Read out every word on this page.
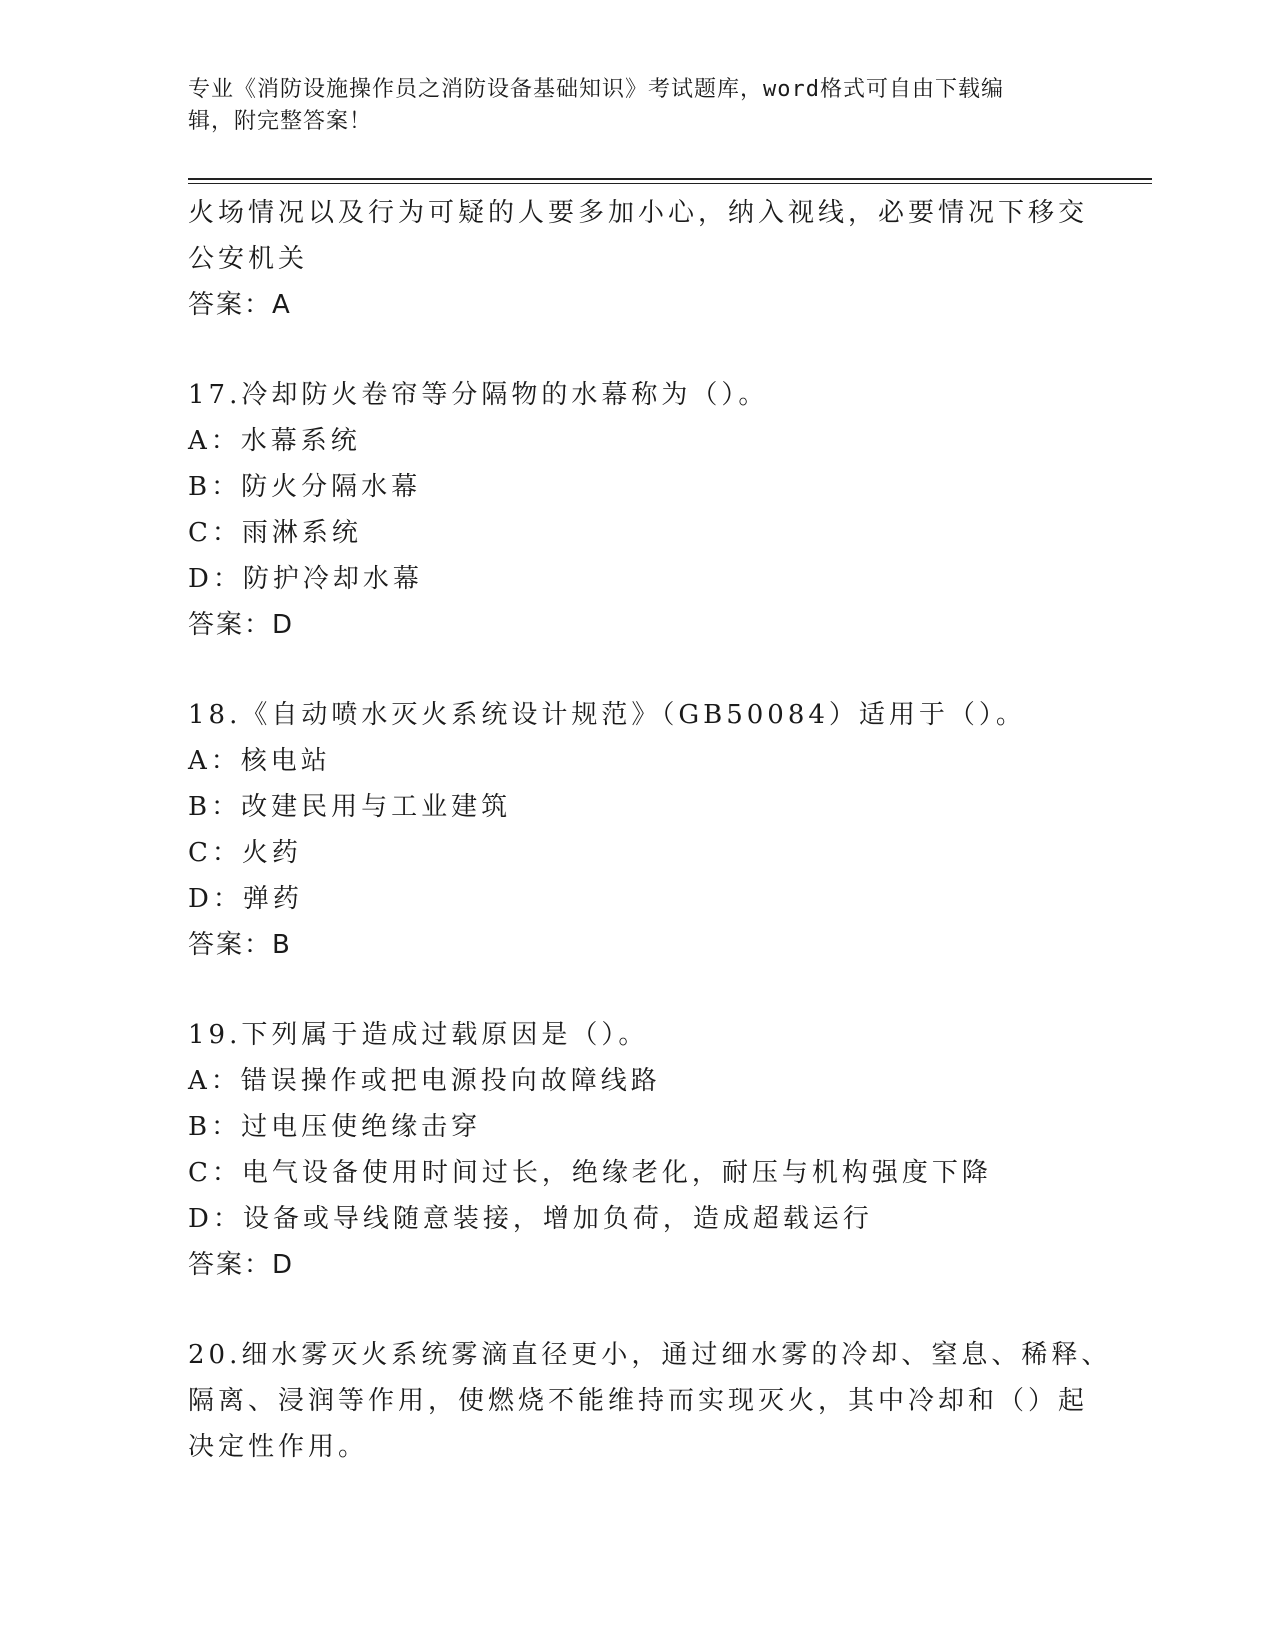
专业《消防设施操作员之消防设备基础知识》考试题库，word格式可自由下载编
辑，附完整答案！
火场情况以及行为可疑的人要多加小心，纳入视线，必要情况下移交
公安机关
答案：A
17.冷却防火卷帘等分隔物的水幕称为（）。
A：水幕系统
B：防火分隔水幕
C：雨淋系统
D：防护冷却水幕
答案：D
18.《自动喷水灭火系统设计规范》（GB50084）适用于（）。
A：核电站
B：改建民用与工业建筑
C：火药
D：弹药
答案：B
19.下列属于造成过载原因是（）。
A：错误操作或把电源投向故障线路
B：过电压使绝缘击穿
C：电气设备使用时间过长，绝缘老化，耐压与机构强度下降
D：设备或导线随意装接，增加负荷，造成超载运行
答案：D
20.细水雾灭火系统雾滴直径更小，通过细水雾的冷却、窒息、稀释、
隔离、浸润等作用，使燃烧不能维持而实现灭火，其中冷却和（）起
决定性作用。
